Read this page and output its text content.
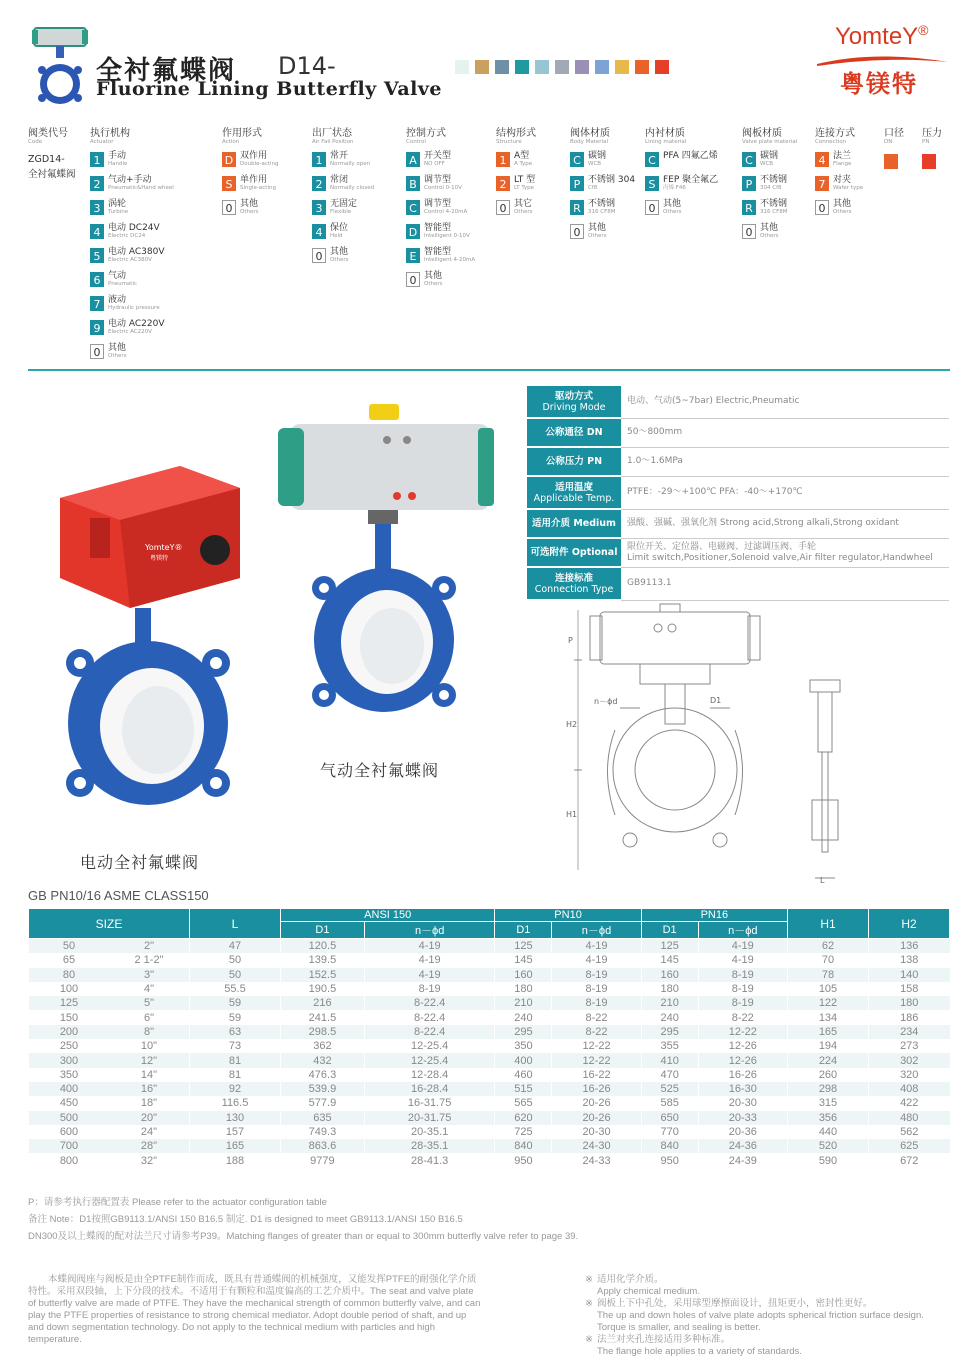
全衬氟蝶阀 D14-
Fluorine Lining Butterfly Valve
YomteY®
粤镁特
阀类代号
Code
ZGD14-
全衬氟蝶阀
执行机构
Actuator
1 手动
Handle
2 气动+手动
Pneumatic&Hand wheel
3 涡轮
Turbine
4 电动 DC24V
Electric DC24
5 电动 AC380V
Electric AC380V
6 气动
Pneumatic
7 液动
Hydraulic pressure
9 电动 AC220V
Electric AC220V
0 其他
Others
作用形式
Action
D 双作用
Double-acting
S 单作用
Single-acting
0 其他
Others
出厂状态
Air Fail Position
1 常开
Normally open
2 常闭
Normally closed
3 无固定
Flexible
4 保位
Held
0 其他
Others
控制方式
Control
A 开关型
NO OFF
B 调节型
Control 0-10V
C 调节型
Control 4-20mA
D 智能型
Intelligent 0-10V
E 智能型
Intelligent 4-20mA
0 其他
Others
结构形式
Structure
1 A型
A Type
2 LT 型
LT Type
0 其它
Others
阀体材质
Body Material
C 碳钢
WCB
P 不锈钢 304
Cf8
R 不锈钢
316 CF8M
0 其他
Others
内衬材质
Lining material
C PFA 四氟乙烯
S FEP 聚全氟乙
丙烯 F46
0 其他
Others
阀板材质
Valve plate material
C 碳钢
WCB
P 不锈钢
304 Cf8
R 不锈钢
316 CF8M
0 其他
Others
连接方式
Connection
4 法兰
Flange
7 对夹
Wafer type
0 其他
Others
口径
DN
压力
PN
驱动方式
Driving Mode	电动、气动(5~7bar) Electric,Pneumatic

公称通径 DN	50～800mm

公称压力 PN	1.0～1.6MPa

适用温度
Applicable Temp.	PTFE：-29～+100℃ PFA：-40～+170℃

适用介质 Medium	强酸、强碱、强氧化剂 Strong acid,Strong alkali,Strong oxidant

可选附件 Optional	限位开关、定位器、电磁阀、过滤调压阀、手轮
Limit switch,Positioner,Solenoid valve,Air filter regulator,Handwheel

连接标准
Connection Type	GB9113.1
YomteY®
粤镁特
电动全衬氟蝶阀
气动全衬氟蝶阀
P
H2
H1
n－ϕd	D1
L
GB PN10/16 ASME CLASS150
SIZE	L	ANSI 150		PN10		PN16		H1	H2
		D1	n－ϕd	D1	n－ϕd	D1	n－ϕd		
50 2"	47	120.5	4-19	125	4-19	125	4-19	62	136
65 2 1-2"	50	139.5	4-19	145	4-19	145	4-19	70	138
80 3"	50	152.5	4-19	160	8-19	160	8-19	78	140
100 4"	55.5	190.5	8-19	180	8-19	180	8-19	105	158
125 5"	59	216	8-22.4	210	8-19	210	8-19	122	180
150 6"	59	241.5	8-22.4	240	8-22	240	8-22	134	186
200 8"	63	298.5	8-22.4	295	8-22	295	12-22	165	234
250 10"	73	362	12-25.4	350	12-22	355	12-26	194	273
300 12"	81	432	12-25.4	400	12-22	410	12-26	224	302
350 14"	81	476.3	12-28.4	460	16-22	470	16-26	260	320
400 16"	92	539.9	16-28.4	515	16-26	525	16-30	298	408
450 18"	116.5	577.9	16-31.75	565	20-26	585	20-30	315	422
500 20"	130	635	20-31.75	620	20-26	650	20-33	356	480
600 24"	157	749.3	20-35.1	725	20-30	770	20-36	440	562
700 28"	165	863.6	28-35.1	840	24-30	840	24-36	520	625
800 32"	188	9779	28-41.3	950	24-33	950	24-39	590	672
P：请参考执行器配置表 Please refer to the actuator configuration table
备注 Note：D1按照GB9113.1/ANSI 150 B16.5 制定. D1 is designed to meet GB9113.1/ANSI 150 B16.5
DN300及以上蝶阀的配对法兰尺寸请参考P39。Matching flanges of greater than or equal to 300mm butterfly valve refer to page 39.
本蝶阀阀座与阀板是由全PTFE制作而成，既具有普通蝶阀的机械强度，又能发挥PTFE的耐强化学介质特性。采用双段轴，上下分段的技术。不适用于有颗粒和温度偏高的工艺介质中。The seat and valve plate of butterfly valve are made of PTFE. They have the mechanical strength of common butterfly valve, and can play the PTFE properties of resistance to strong chemical mediator. Adopt double period of shaft, and up and down segmentation technology. Do not apply to the technical medium with particles and high temperature.
※ 适用化学介质。
Apply chemical medium.
※ 阀板上下中孔处，采用球型摩擦面设计，扭矩更小，密封性更好。
The up and down holes of valve plate adopts spherical friction surface design. Torque is smaller, and sealing is better.
※ 法兰对夹孔连接适用多种标准。
The flange hole applies to a variety of standards.
